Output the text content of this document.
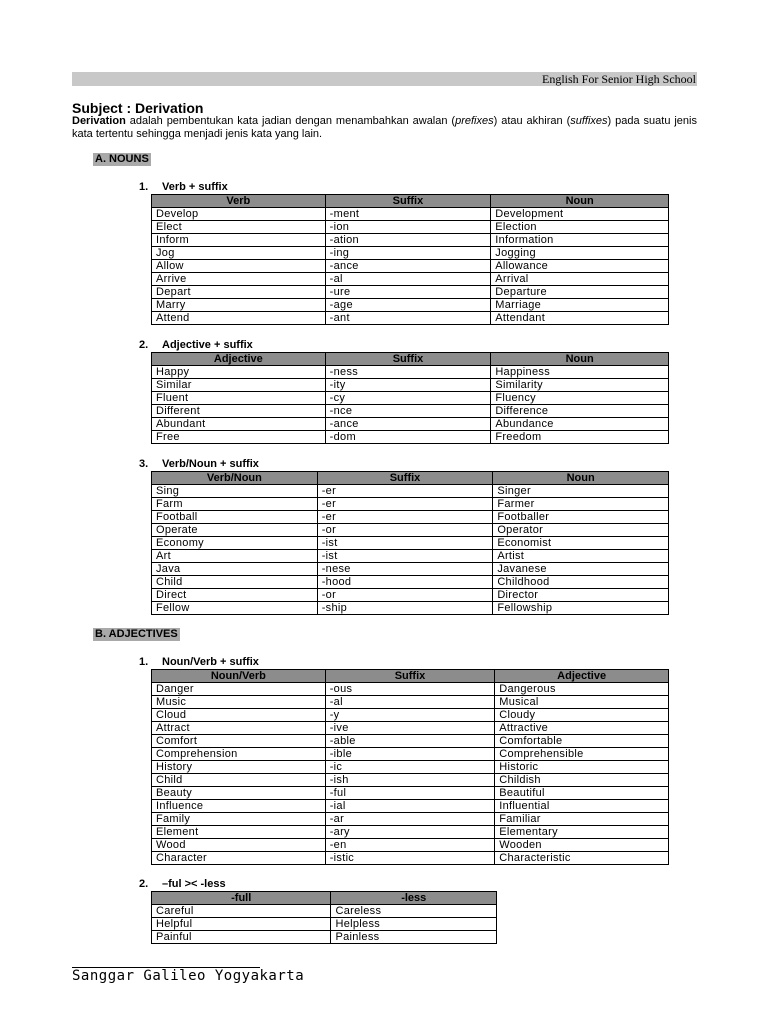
English For Senior High School
Subject : Derivation
Derivation adalah pembentukan kata jadian dengan menambahkan awalan (prefixes) atau akhiran (suffixes) pada suatu jenis kata tertentu sehingga menjadi jenis kata yang lain.
A. NOUNS
1. Verb + suffix
Verb	Suffix	Noun
Develop	-ment	Development
Elect	-ion	Election
Inform	-ation	Information
Jog	-ing	Jogging
Allow	-ance	Allowance
Arrive	-al	Arrival
Depart	-ure	Departure
Marry	-age	Marriage
Attend	-ant	Attendant
2. Adjective + suffix
Adjective	Suffix	Noun
Happy	-ness	Happiness
Similar	-ity	Similarity
Fluent	-cy	Fluency
Different	-nce	Difference
Abundant	-ance	Abundance
Free	-dom	Freedom
3. Verb/Noun + suffix
Verb/Noun	Suffix	Noun
Sing	-er	Singer
Farm	-er	Farmer
Football	-er	Footballer
Operate	-or	Operator
Economy	-ist	Economist
Art	-ist	Artist
Java	-nese	Javanese
Child	-hood	Childhood
Direct	-or	Director
Fellow	-ship	Fellowship
B. ADJECTIVES
1. Noun/Verb + suffix
Noun/Verb	Suffix	Adjective
Danger	-ous	Dangerous
Music	-al	Musical
Cloud	-y	Cloudy
Attract	-ive	Attractive
Comfort	-able	Comfortable
Comprehension	-ible	Comprehensible
History	-ic	Historic
Child	-ish	Childish
Beauty	-ful	Beautiful
Influence	-ial	Influential
Family	-ar	Familiar
Element	-ary	Elementary
Wood	-en	Wooden
Character	-istic	Characteristic
2. –ful >< -less
-full	-less
Careful	Careless
Helpful	Helpless
Painful	Painless
Sanggar Galileo Yogyakarta
